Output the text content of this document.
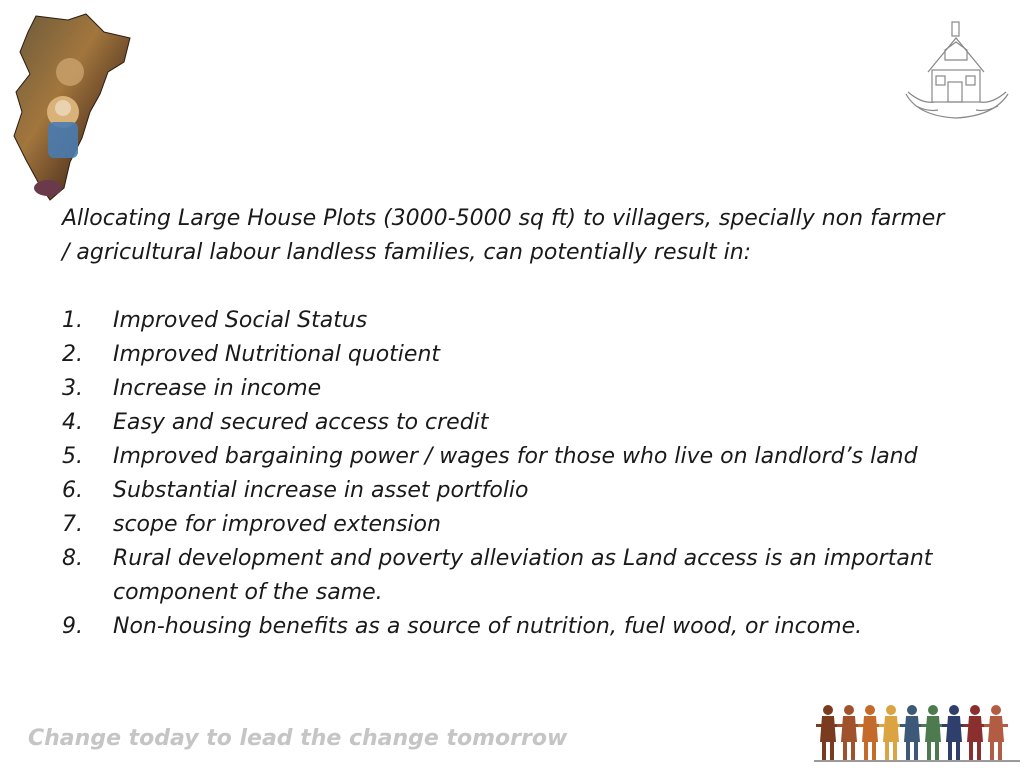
Allocating Large House Plots (3000-5000 sq ft) to villagers, specially non farmer
/ agricultural labour landless families, can potentially result in:

1. Improved Social Status
2. Improved Nutritional quotient
3. Increase in income
4. Easy and secured access to credit
5. Improved bargaining power / wages for those who live on landlord’s land
6. Substantial increase in asset portfolio
7. scope for improved extension
8. Rural development and poverty alleviation as Land access is an important
component of the same.
9. Non-housing benefits as a source of nutrition, fuel wood, or income.

Change today to lead the change tomorrow
